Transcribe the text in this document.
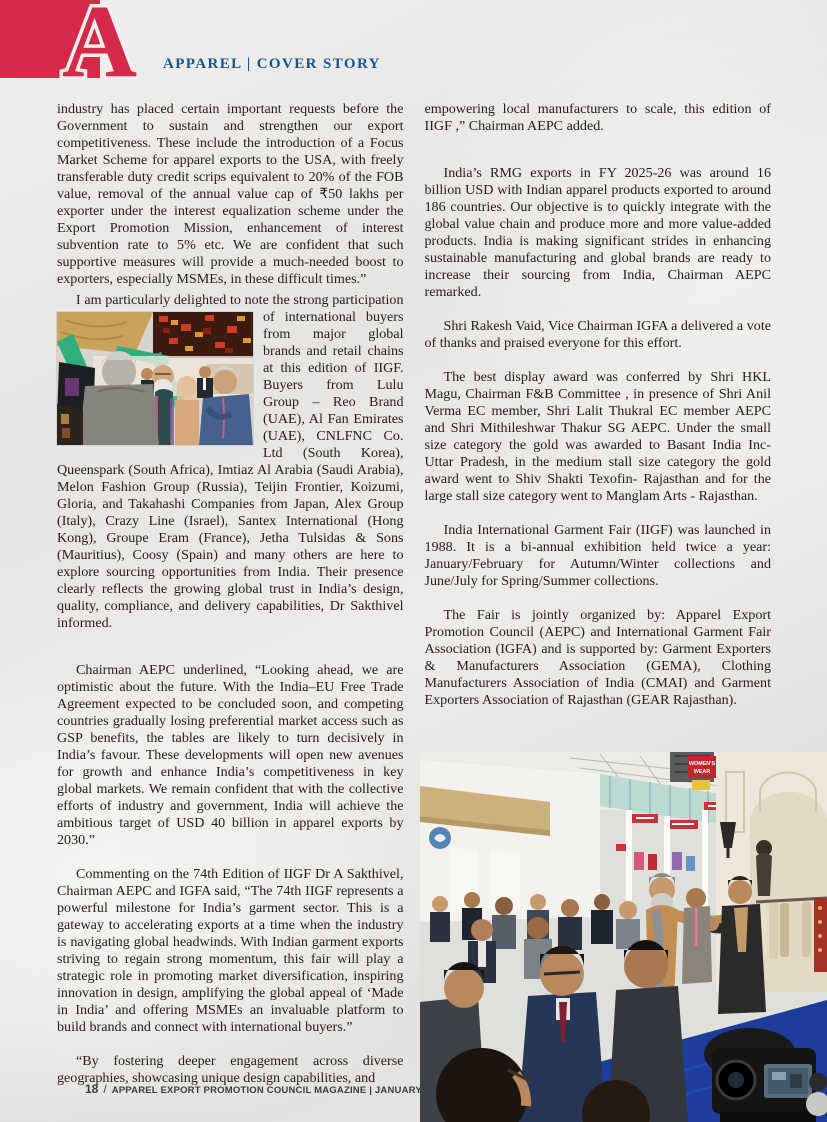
A APPAREL | COVER STORY

industry has placed certain important requests before the Government to sustain and strengthen our export competitiveness. These include the introduction of a Focus Market Scheme for apparel exports to the USA, with freely transferable duty credit scrips equivalent to 20% of the FOB value, removal of the annual value cap of ₹50 lakhs per exporter under the interest equalization scheme under the Export Promotion Mission, enhancement of interest subvention rate to 5% etc. We are confident that such supportive measures will provide a much-needed boost to exporters, especially MSMEs, in these difficult times.”

I am particularly delighted to note the strong participation of international buyers from major global brands and retail chains at this edition of IIGF. Buyers from Lulu Group – Reo Brand (UAE), Al Fan Emirates (UAE), CNLFNC Co. Ltd (South Korea), Queenspark (South Africa), Imtiaz Al Arabia (Saudi Arabia), Melon Fashion Group (Russia), Teijin Frontier, Koizumi, Gloria, and Takahashi Companies from Japan, Alex Group (Italy), Crazy Line (Israel), Santex International (Hong Kong), Groupe Eram (France), Jetha Tulsidas & Sons (Mauritius), Coosy (Spain) and many others are here to explore sourcing opportunities from India. Their presence clearly reflects the growing global trust in India’s design, quality, compliance, and delivery capabilities, Dr Sakthivel informed.

Chairman AEPC underlined, “Looking ahead, we are optimistic about the future. With the India–EU Free Trade Agreement expected to be concluded soon, and competing countries gradually losing preferential market access such as GSP benefits, the tables are likely to turn decisively in India’s favour. These developments will open new avenues for growth and enhance India’s competitiveness in key global markets. We remain confident that with the collective efforts of industry and government, India will achieve the ambitious target of USD 40 billion in apparel exports by 2030.”

Commenting on the 74th Edition of IIGF Dr A Sakthivel, Chairman AEPC and IGFA said, “The 74th IIGF represents a powerful milestone for India’s garment sector. This is a gateway to accelerating exports at a time when the industry is navigating global headwinds. With Indian garment exports striving to regain strong momentum, this fair will play a strategic role in promoting market diversification, inspiring innovation in design, amplifying the global appeal of ‘Made in India’ and offering MSMEs an invaluable platform to build brands and connect with international buyers.”

“By fostering deeper engagement across diverse geographies, showcasing unique design capabilities, and

empowering local manufacturers to scale, this edition of IIGF ,” Chairman AEPC added.

India’s RMG exports in FY 2025-26 was around 16 billion USD with Indian apparel products exported to around 186 countries. Our objective is to quickly integrate with the global value chain and produce more and more value-added products. India is making significant strides in enhancing sustainable manufacturing and global brands are ready to increase their sourcing from India, Chairman AEPC remarked.

Shri Rakesh Vaid, Vice Chairman IGFA a delivered a vote of thanks and praised everyone for this effort.

The best display award was conferred by Shri HKL Magu, Chairman F&B Committee , in presence of Shri Anil Verma EC member, Shri Lalit Thukral EC member AEPC and Shri Mithileshwar Thakur SG AEPC. Under the small size category the gold was awarded to Basant India Inc- Uttar Pradesh, in the medium stall size category the gold award went to Shiv Shakti Texofin- Rajasthan and for the large stall size category went to Manglam Arts - Rajasthan.

India International Garment Fair (IIGF) was launched in 1988. It is a bi-annual exhibition held twice a year: January/February for Autumn/Winter collections and June/July for Spring/Summer collections.

The Fair is jointly organized by: Apparel Export Promotion Council (AEPC) and International Garment Fair Association (IGFA) and is supported by: Garment Exporters & Manufacturers Association (GEMA), Clothing Manufacturers Association of India (CMAI) and Garment Exporters Association of Rajasthan (GEAR Rajasthan).

WOMEN'S
WEAR
18 / APPAREL EXPORT PROMOTION COUNCIL MAGAZINE | JANUARY
